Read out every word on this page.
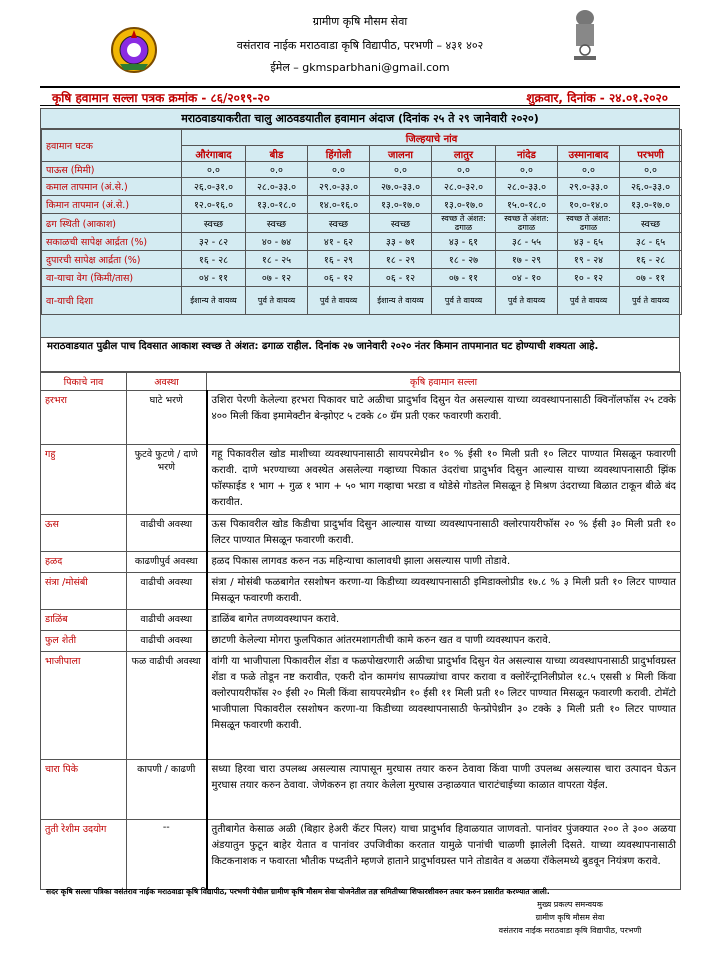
ग्रामीण कृषि मौसम सेवा
वसंतराव नाईक मराठवाडा कृषि विद्यापीठ, परभणी – ४३१ ४०२
ईमेल – gkmsparbhani@gmail.com
कृषि हवामान सल्ला पत्रक क्रमांक - ८६/२०१९-२०	शुक्रवार, दिनांक - २४.०१.२०२०
मराठवाडयाकरीता चालु आठवडयातील हवामान अंदाज (दिनांक २५ ते २९ जानेवारी २०२०)
हवामान घटक	जिल्हयाचे नांव							
	औरंगाबाद	बीड	हिंगोली	जालना	लातुर	नांदेड	उस्मानाबाद	परभणी
पाऊस (मिमी)	०.०	०.०	०.०	०.०	०.०	०.०	०.०	०.०
कमाल तापमान (अं.से.)	२६.०-३१.०	२८.०-३३.०	२९.०-३३.०	२७.०-३३.०	२८.०-३२.०	२८.०-३३.०	२९.०-३३.०	२६.०-३३.०
किमान तापमान (अं.से.)	१२.०-१६.०	१३.०-१८.०	१४.०-१६.०	१३.०-१७.०	१३.०-१७.०	१५.०-१८.०	१०.०-१४.०	१३.०-१७.०
ढग स्थिती (आकाश)	स्वच्छ	स्वच्छ	स्वच्छ	स्वच्छ	स्वच्छ ते अंशत: ढगाळ	स्वच्छ ते अंशत: ढगाळ	स्वच्छ ते अंशत: ढगाळ	स्वच्छ
सकाळची सापेक्ष आर्द्रता (%)	३२ - ८२	४० - ७४	४१ - ६२	३३ - ७१	४३ - ६१	३८ - ५५	४३ - ६५	३८ - ६५
दुपारची सापेक्ष आर्द्रता (%)	१६ - २८	१८ - २५	१६ - २९	१८ - २९	१८ - २७	१७ - २९	१९ - २४	१६ - २८
वा-याचा वेग (किमी/तास)	०४ - ११	०७ - १२	०६ - १२	०६ - १२	०७ - ११	०४ - १०	१० - १२	०७ - ११
वा-याची दिशा	ईशान्य ते वायव्य	पुर्व ते वायव्य	पुर्व ते वायव्य	ईशान्य ते वायव्य	पुर्व ते वायव्य	पुर्व ते वायव्य	पुर्व ते वायव्य	पुर्व ते वायव्य
मराठवाडयात पुढील पाच दिवसात आकाश स्वच्छ ते अंशत: ढगाळ राहील. दिनांक २७ जानेवारी २०२० नंतर किमान तापमानात घट होण्याची शक्यता आहे.
पिकाचे नाव	अवस्था	कृषि हवामान सल्ला
हरभरा	घाटे भरणे	उशिरा पेरणी केलेल्या हरभरा पिकावर घाटे अळीचा प्रादुर्भाव दिसुन येत असल्यास याच्या व्यवस्थापनासाठी क्विनॉलफॉस २५ टक्के ४०० मिली किंवा इमामेक्टीन बेन्झोएट ५ टक्के ८० ग्रॅम प्रती एकर फवारणी करावी.
गहु	फुटवे फुटणे / दाणे भरणे	गहू पिकावरील खोड माशीच्या व्यवस्थापनासाठी सायपरमेथ्रीन १० % ईसी १० मिली प्रती १० लिटर पाण्यात मिसळून फवारणी करावी. दाणे भरण्याच्या अवस्थेत असलेल्या गव्हाच्या पिकात उंदरांचा प्रादुर्भाव दिसुन आल्यास याच्या व्यवस्थापनासाठी झिंक फॉस्फाईड १ भाग + गुळ १ भाग + ५० भाग गव्हाचा भरडा व थोडेसे गोडतेल मिसळून हे मिश्रण उंदराच्या बिळात टाकून बीळे बंद करावीत.
ऊस	वाढीची अवस्था	ऊस पिकावरील खोड किडीचा प्रादुर्भाव दिसुन आल्यास याच्या व्यवस्थापनासाठी क्लोरपायरीफॉस २० % ईसी ३० मिली प्रती १० लिटर पाण्यात मिसळून फवारणी करावी.
हळद	काढणीपुर्व अवस्था	हळद पिकास लागवड करुन नऊ महिन्याचा कालावधी झाला असल्यास पाणी तोडावे.
संत्रा /मोसंबी	वाढीची अवस्था	संत्रा / मोसंबी फळबागेत रसशोषन करणा-या किडीच्या व्यवस्थापनासाठी इमिडाक्लोप्रीड १७.८ % ३ मिली प्रती १० लिटर पाण्यात मिसळून फवारणी करावी.
डाळिंब	वाढीची अवस्था	डाळिंब बागेत तणव्यवस्थापन करावे.
फुल शेती	वाढीची अवस्था	छाटणी केलेल्या मोगरा फुलपिकात आंतरमशागतीची कामे करुन खत व पाणी व्यवस्थापन करावे.
भाजीपाला	फळ वाढीची अवस्था	वांगी या भाजीपाला पिकावरील शेंडा व फळपोखरणारी अळीचा प्रादुर्भाव दिसुन येत असल्यास याच्या व्यवस्थापनासाठी प्रादुर्भावग्रस्त शेंडा व फळे तोडून नष्ट करावीत, एकरी दोन कामगंध सापळ्यांचा वापर करावा व क्लोरॅन्ट्रानिलीप्रोल १८.५ एससी ४ मिली किंवा क्लोरपायरीफॉस २० ईसी २० मिली किंवा सायपरमेथ्रीन १० ईसी ११ मिली प्रती १० लिटर पाण्यात मिसळून फवारणी करावी. टोमॅटो भाजीपाला पिकावरील रसशोषन करणा-या किडीच्या व्यवस्थापनासाठी फेन्प्रोपेथ्रीन ३० टक्के ३ मिली प्रती १० लिटर पाण्यात मिसळून फवारणी करावी.
चारा पिके	कापणी / काढणी	सध्या हिरवा चारा उपलब्ध असल्यास त्यापासून मुरघास तयार करुन ठेवावा किंवा पाणी उपलब्ध असल्यास चारा उत्पादन घेऊन मुरघास तयार करुन ठेवावा. जेणेकरुन हा तयार केलेला मुरघास उन्हाळयात चाराटंचाईच्या काळात वापरता येईल.
तुती रेशीम उदयोग	--	तुतीबागेत केसाळ अळी (बिहार हेअरी कॅटर पिलर) याचा प्रादुर्भाव हिवाळयात जाणवतो. पानांवर पुंजक्यात २०० ते ३०० अळया अंडयातुन फुटून बाहेर येतात व पानांवर उपजिवीका करतात यामुळे पानांची चाळणी झालेली दिसते. याच्या व्यवस्थापनासाठी किटकनाशक न फवारता भौतीक पध्दतीने म्हणजे हाताने प्रादुर्भावग्रस्त पाने तोडावेत व अळया रॉकेलमध्ये बुडवून नियंत्रण करावे.
सदर कृषि सल्ला पत्रिका वसंतराव नाईक मराठवाडा कृषि विद्यापीठ, परभणी येथील ग्रामीण कृषि मौसम सेवा योजनेतील तज्ञ समितीच्या शिफारशीवरुन तयार करुन प्रसारीत करण्यात आली.
मुख्य प्रकल्प समन्वयक
ग्रामीण कृषि मौसम सेवा
वसंतराव नाईक मराठवाडा कृषि विद्यापीठ, परभणी
